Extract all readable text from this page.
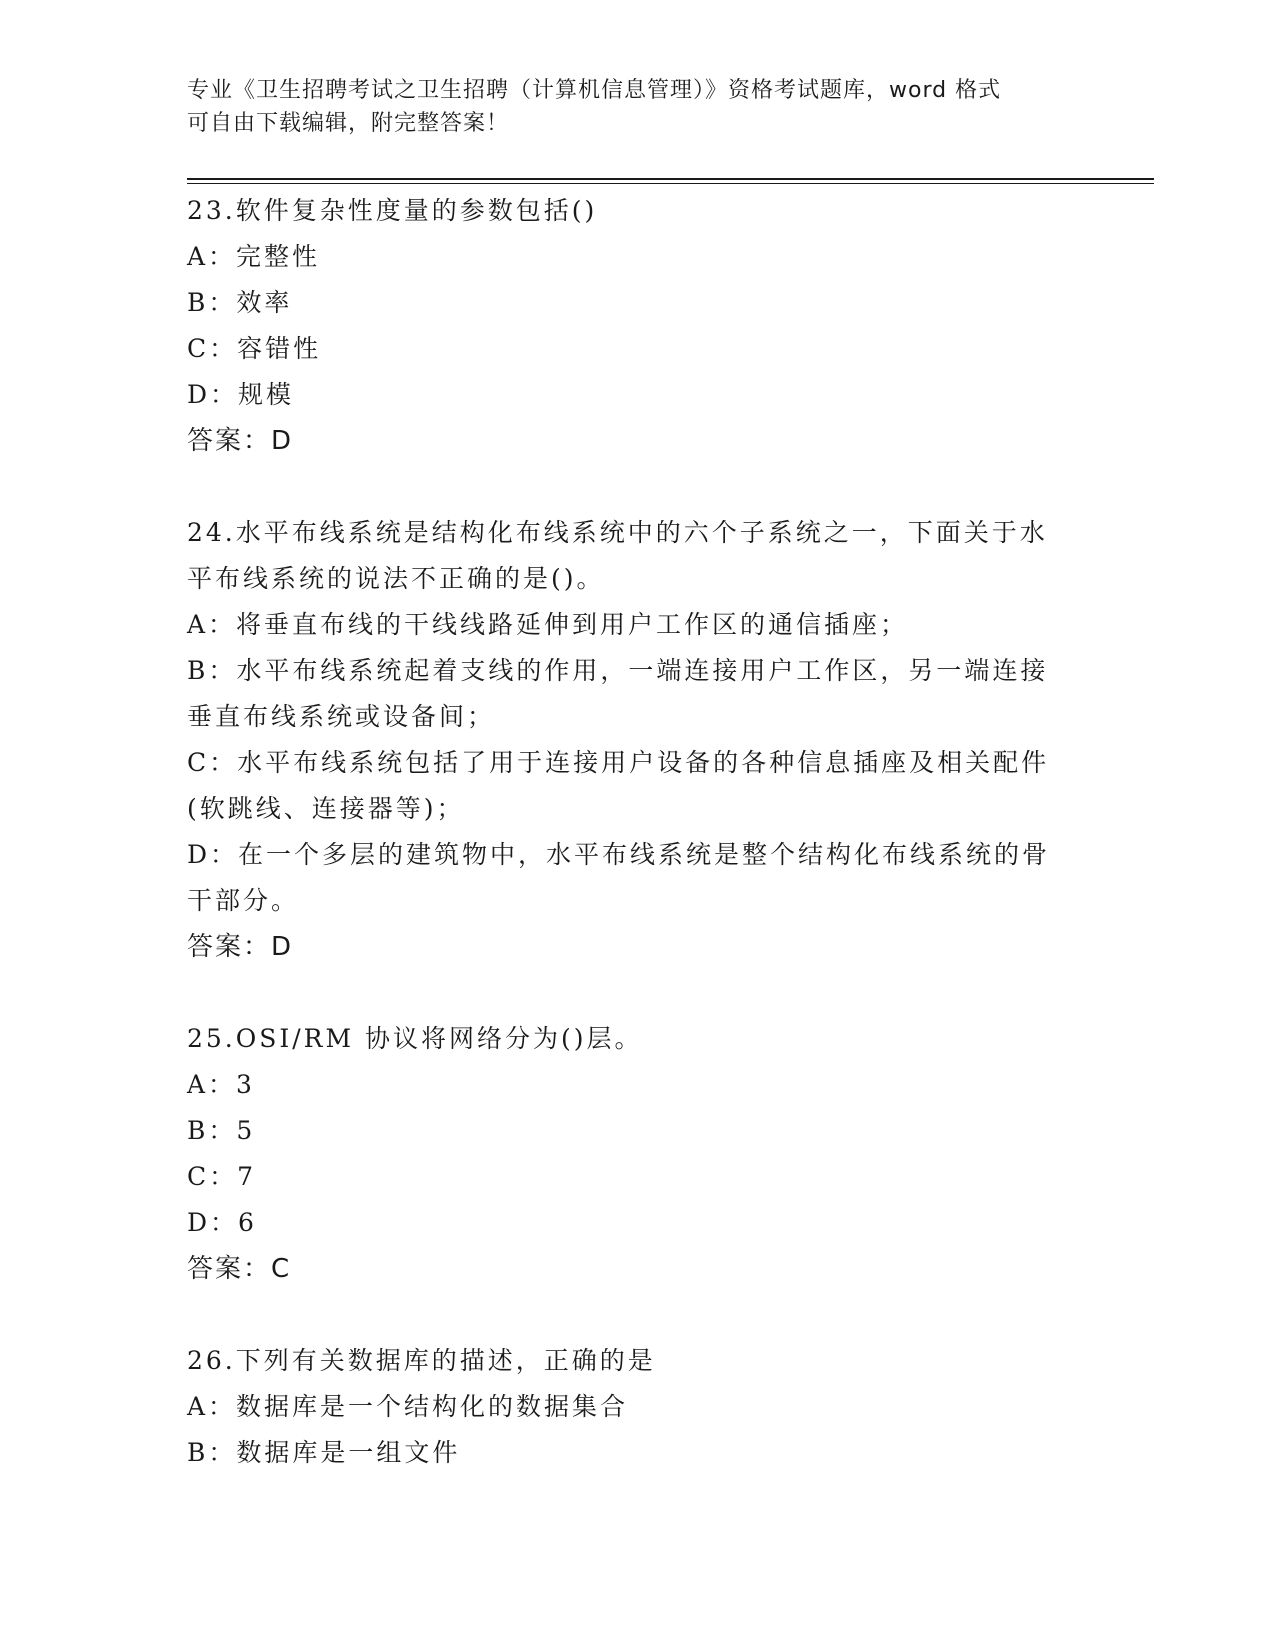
专业《卫生招聘考试之卫生招聘（计算机信息管理）》资格考试题库，word 格式

可自由下载编辑，附完整答案！

23.软件复杂性度量的参数包括()

A：完整性

B：效率

C：容错性

D：规模

答案：D

24.水平布线系统是结构化布线系统中的六个子系统之一，下面关于水

平布线系统的说法不正确的是()。

A：将垂直布线的干线线路延伸到用户工作区的通信插座；

B：水平布线系统起着支线的作用，一端连接用户工作区，另一端连接

垂直布线系统或设备间；

C：水平布线系统包括了用于连接用户设备的各种信息插座及相关配件

(软跳线、连接器等)；

D：在一个多层的建筑物中，水平布线系统是整个结构化布线系统的骨

干部分。

答案：D

25.OSI/RM 协议将网络分为()层。

A：3

B：5

C：7

D：6

答案：C

26.下列有关数据库的描述，正确的是

A：数据库是一个结构化的数据集合

B：数据库是一组文件
